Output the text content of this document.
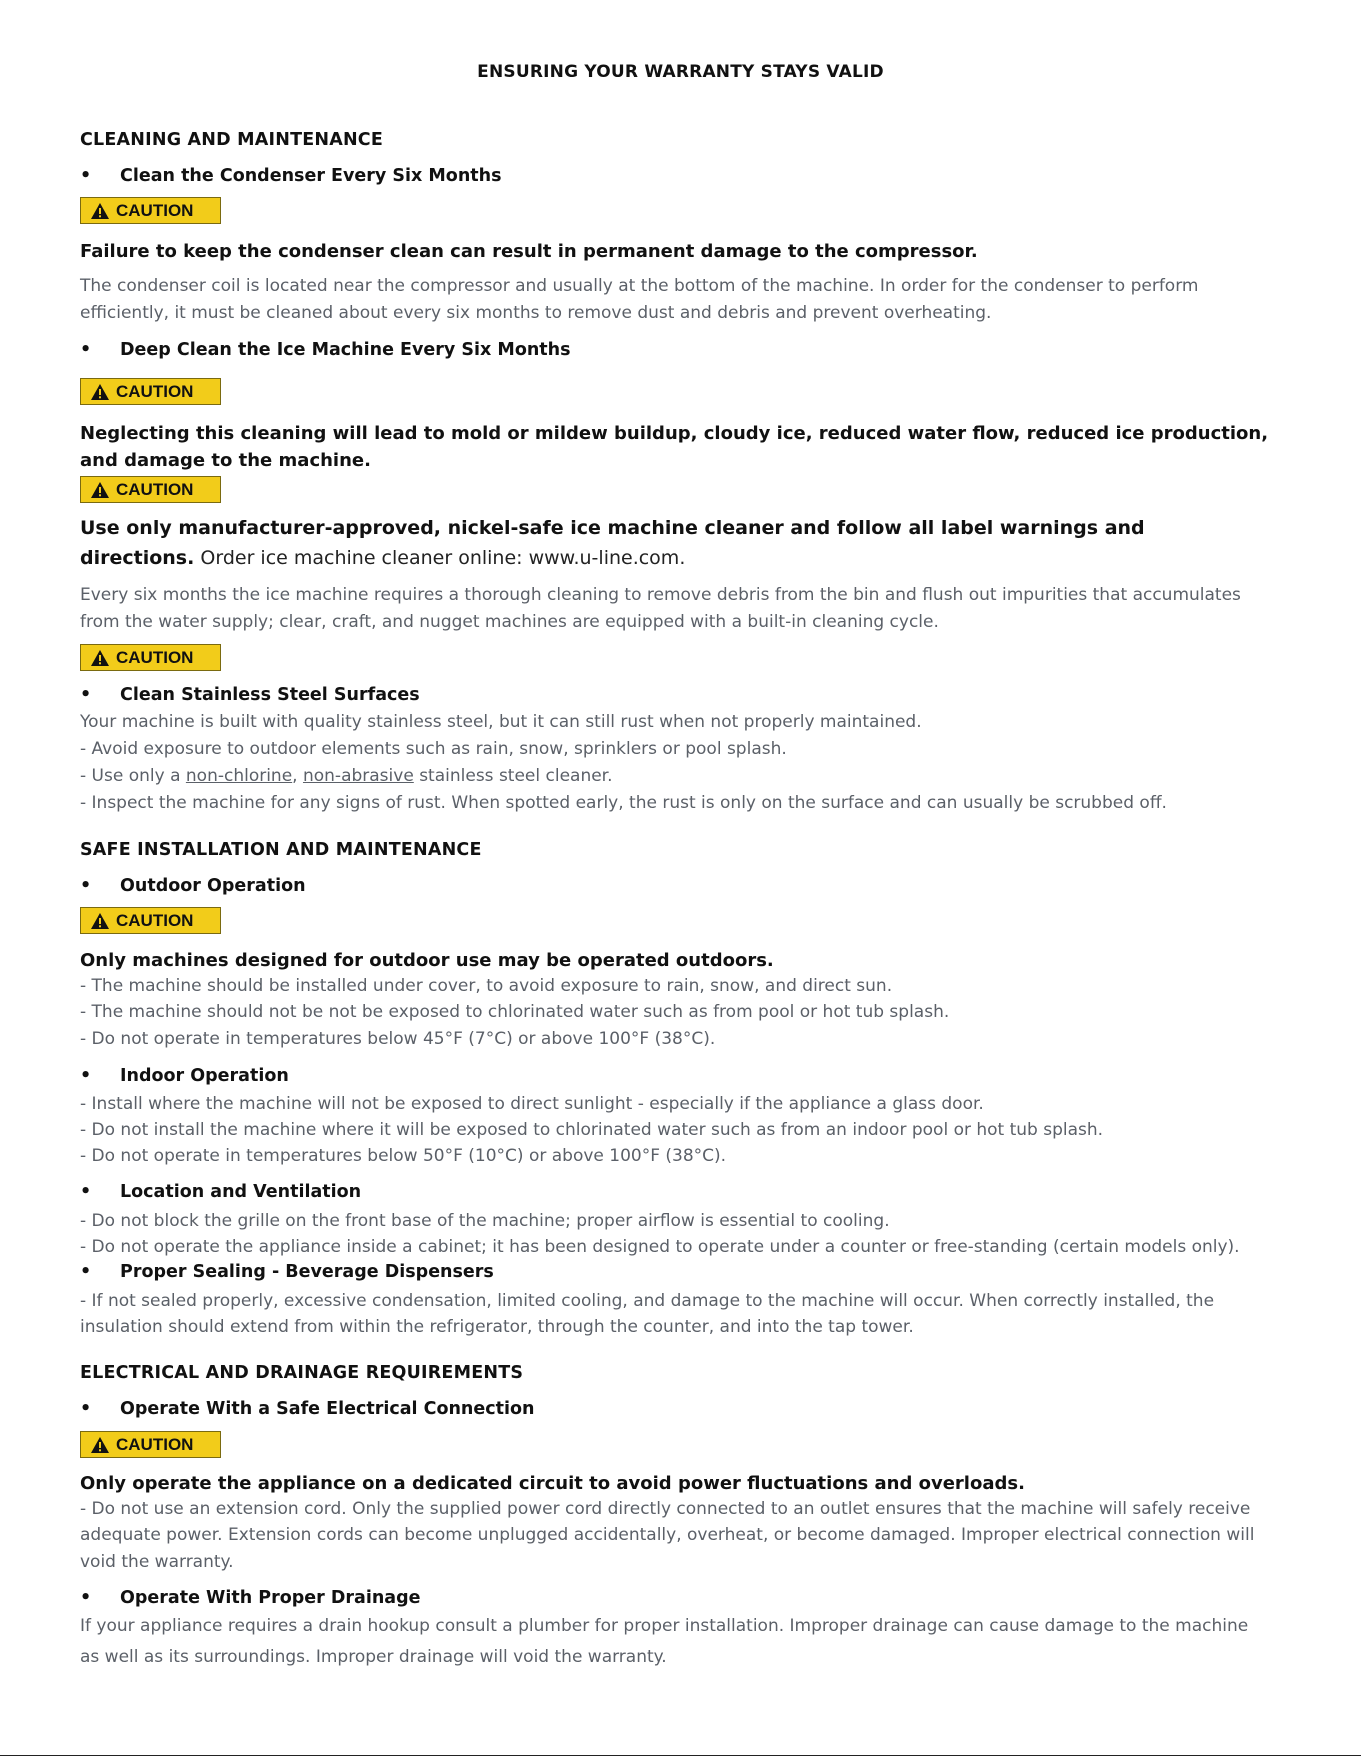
ENSURING YOUR WARRANTY STAYS VALID
CLEANING AND MAINTENANCE
• Clean the Condenser Every Six Months
CAUTION
Failure to keep the condenser clean can result in permanent damage to the compressor.
The condenser coil is located near the compressor and usually at the bottom of the machine. In order for the condenser to perform
efficiently, it must be cleaned about every six months to remove dust and debris and prevent overheating.
• Deep Clean the Ice Machine Every Six Months
CAUTION
Neglecting this cleaning will lead to mold or mildew buildup, cloudy ice, reduced water flow, reduced ice production,
and damage to the machine.
CAUTION
Use only manufacturer-approved, nickel-safe ice machine cleaner and follow all label warnings and
directions. Order ice machine cleaner online: www.u-line.com.
Every six months the ice machine requires a thorough cleaning to remove debris from the bin and flush out impurities that accumulates
from the water supply; clear, craft, and nugget machines are equipped with a built-in cleaning cycle.
CAUTION
• Clean Stainless Steel Surfaces
Your machine is built with quality stainless steel, but it can still rust when not properly maintained.
- Avoid exposure to outdoor elements such as rain, snow, sprinklers or pool splash.
- Use only a non-chlorine, non-abrasive stainless steel cleaner.
- Inspect the machine for any signs of rust. When spotted early, the rust is only on the surface and can usually be scrubbed off.
SAFE INSTALLATION AND MAINTENANCE
• Outdoor Operation
CAUTION
Only machines designed for outdoor use may be operated outdoors.
- The machine should be installed under cover, to avoid exposure to rain, snow, and direct sun.
- The machine should not be not be exposed to chlorinated water such as from pool or hot tub splash.
- Do not operate in temperatures below 45°F (7°C) or above 100°F (38°C).
• Indoor Operation
- Install where the machine will not be exposed to direct sunlight - especially if the appliance a glass door.
- Do not install the machine where it will be exposed to chlorinated water such as from an indoor pool or hot tub splash.
- Do not operate in temperatures below 50°F (10°C) or above 100°F (38°C).
• Location and Ventilation
- Do not block the grille on the front base of the machine; proper airflow is essential to cooling.
- Do not operate the appliance inside a cabinet; it has been designed to operate under a counter or free-standing (certain models only).
• Proper Sealing - Beverage Dispensers
- If not sealed properly, excessive condensation, limited cooling, and damage to the machine will occur. When correctly installed, the
insulation should extend from within the refrigerator, through the counter, and into the tap tower.
ELECTRICAL AND DRAINAGE REQUIREMENTS
• Operate With a Safe Electrical Connection
CAUTION
Only operate the appliance on a dedicated circuit to avoid power fluctuations and overloads.
- Do not use an extension cord. Only the supplied power cord directly connected to an outlet ensures that the machine will safely receive
adequate power. Extension cords can become unplugged accidentally, overheat, or become damaged. Improper electrical connection will
void the warranty.
• Operate With Proper Drainage
If your appliance requires a drain hookup consult a plumber for proper installation. Improper drainage can cause damage to the machine
as well as its surroundings. Improper drainage will void the warranty.
